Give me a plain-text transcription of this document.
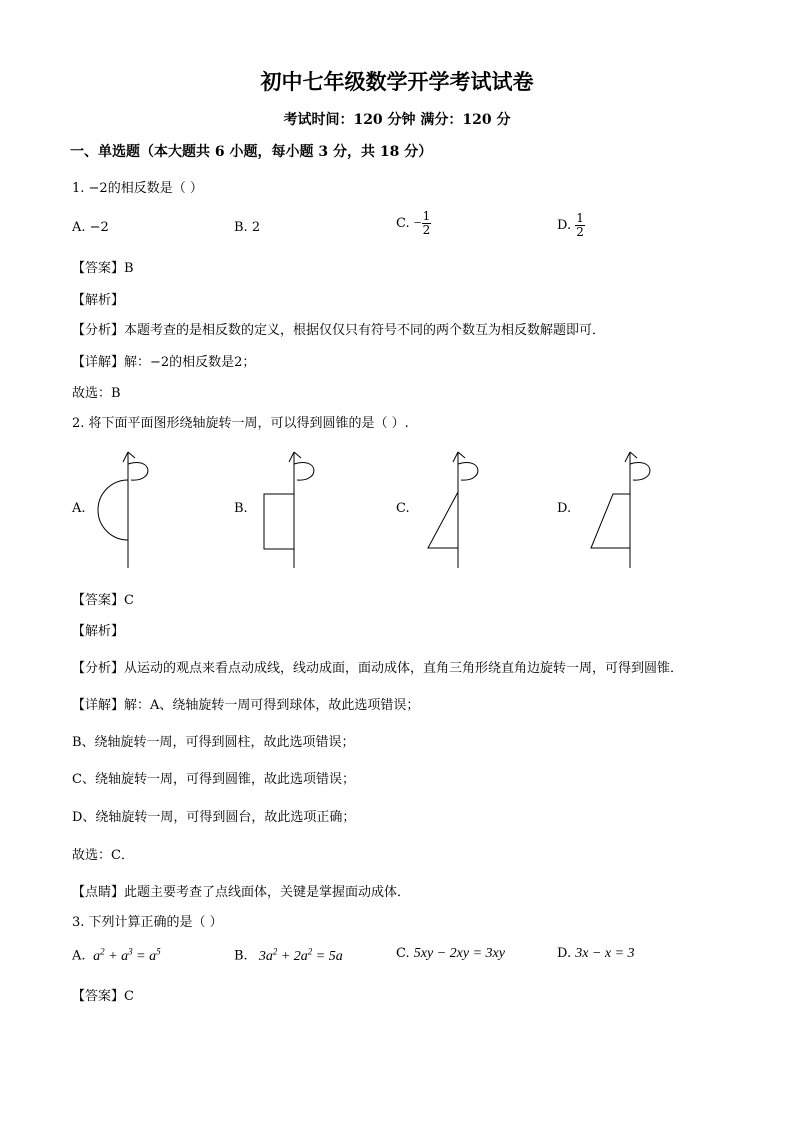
初中七年级数学开学考试试卷
考试时间：120 分钟 满分：120 分
一、单选题（本大题共 6 小题，每小题 3 分，共 18 分）
1. −2的相反数是（ ）
A. −2	B. 2	C. − $\frac{1}{2}$	D. $\frac{1}{2}$
【答案】B
【解析】
【分析】本题考查的是相反数的定义，根据仅仅只有符号不同的两个数互为相反数解题即可．
【详解】解：−2的相反数是2；
故选：B
2. 将下面平面图形绕轴旋转一周，可以得到圆锥的是（ ）.
A.	B.	C.	D.
【答案】C
【解析】
【分析】从运动的观点来看点动成线，线动成面，面动成体，直角三角形绕直角边旋转一周，可得到圆锥．
【详解】解：A、绕轴旋转一周可得到球体，故此选项错误；
B、绕轴旋转一周，可得到圆柱，故此选项错误；
C、绕轴旋转一周，可得到圆锥，故此选项错误；
D、绕轴旋转一周，可得到圆台，故此选项正确；
故选：C．
【点睛】此题主要考查了点线面体，关键是掌握面动成体．
3. 下列计算正确的是（ ）
A.  $a^2 + a^3 = a^5$	B.   $3a^2 + 2a^2 = 5a$	C. 5xy − 2xy = 3xy	D. 3x − x = 3
【答案】C
